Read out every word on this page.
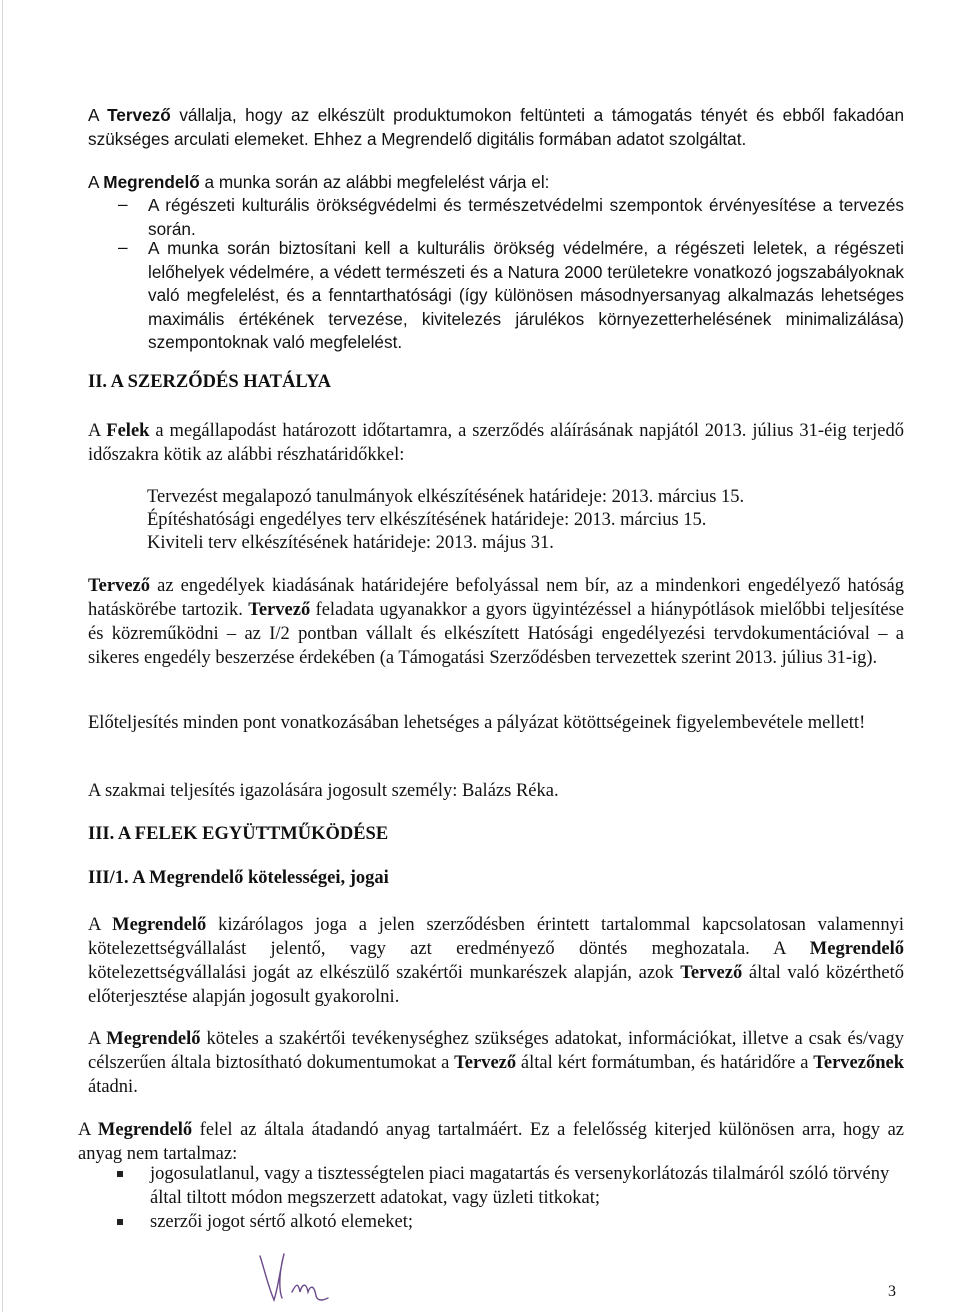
A Tervező vállalja, hogy az elkészült produktumokon feltünteti a támogatás tényét és ebből fakadóan szükséges arculati elemeket. Ehhez a Megrendelő digitális formában adatot szolgáltat.

A Megrendelő a munka során az alábbi megfelelést várja el:

– A régészeti kulturális örökségvédelmi és természetvédelmi szempontok érvényesítése a tervezés során.
– A munka során biztosítani kell a kulturális örökség védelmére, a régészeti leletek, a régészeti lelőhelyek védelmére, a védett természeti és a Natura 2000 területekre vonatkozó jogszabályoknak való megfelelést, és a fenntarthatósági (így különösen másodnyersanyag alkalmazás lehetséges maximális értékének tervezése, kivitelezés járulékos környezetterhelésének minimalizálása) szempontoknak való megfelelést.
II. A SZERZŐDÉS HATÁLYA

A Felek a megállapodást határozott időtartamra, a szerződés aláírásának napjától 2013. július 31-éig terjedő időszakra kötik az alábbi részhatáridőkkel:

Tervezést megalapozó tanulmányok elkészítésének határideje: 2013. március 15.
Építéshatósági engedélyes terv elkészítésének határideje: 2013. március 15.
Kiviteli terv elkészítésének határideje: 2013. május 31.

Tervező az engedélyek kiadásának határidejére befolyással nem bír, az a mindenkori engedélyező hatóság hatáskörébe tartozik. Tervező feladata ugyanakkor a gyors ügyintézéssel a hiánypótlások mielőbbi teljesítése és közreműködni – az I/2 pontban vállalt és elkészített Hatósági engedélyezési tervdokumentációval – a sikeres engedély beszerzése érdekében (a Támogatási Szerződésben tervezettek szerint 2013. július 31-ig).

Előteljesítés minden pont vonatkozásában lehetséges a pályázat kötöttségeinek figyelembevétele mellett!

A szakmai teljesítés igazolására jogosult személy: Balázs Réka.

III. A FELEK EGYÜTTMŰKÖDÉSE
III/1. A Megrendelő kötelességei, jogai

A Megrendelő kizárólagos joga a jelen szerződésben érintett tartalommal kapcsolatosan valamennyi kötelezettségvállalást jelentő, vagy azt eredményező döntés meghozatala. A Megrendelő kötelezettségvállalási jogát az elkészülő szakértői munkarészek alapján, azok Tervező által való közérthető előterjesztése alapján jogosult gyakorolni.

A Megrendelő köteles a szakértői tevékenységhez szükséges adatokat, információkat, illetve a csak és/vagy célszerűen általa biztosítható dokumentumokat a Tervező által kért formátumban, és határidőre a Tervezőnek átadni.

A Megrendelő felel az általa átadandó anyag tartalmáért. Ez a felelősség kiterjed különösen arra, hogy az anyag nem tartalmaz:

jogosulatlanul, vagy a tisztességtelen piaci magatartás és versenykorlátozás tilalmáról szóló törvény által tiltott módon megszerzett adatokat, vagy üzleti titkokat;
szerzői jogot sértő alkotó elemeket;
3
